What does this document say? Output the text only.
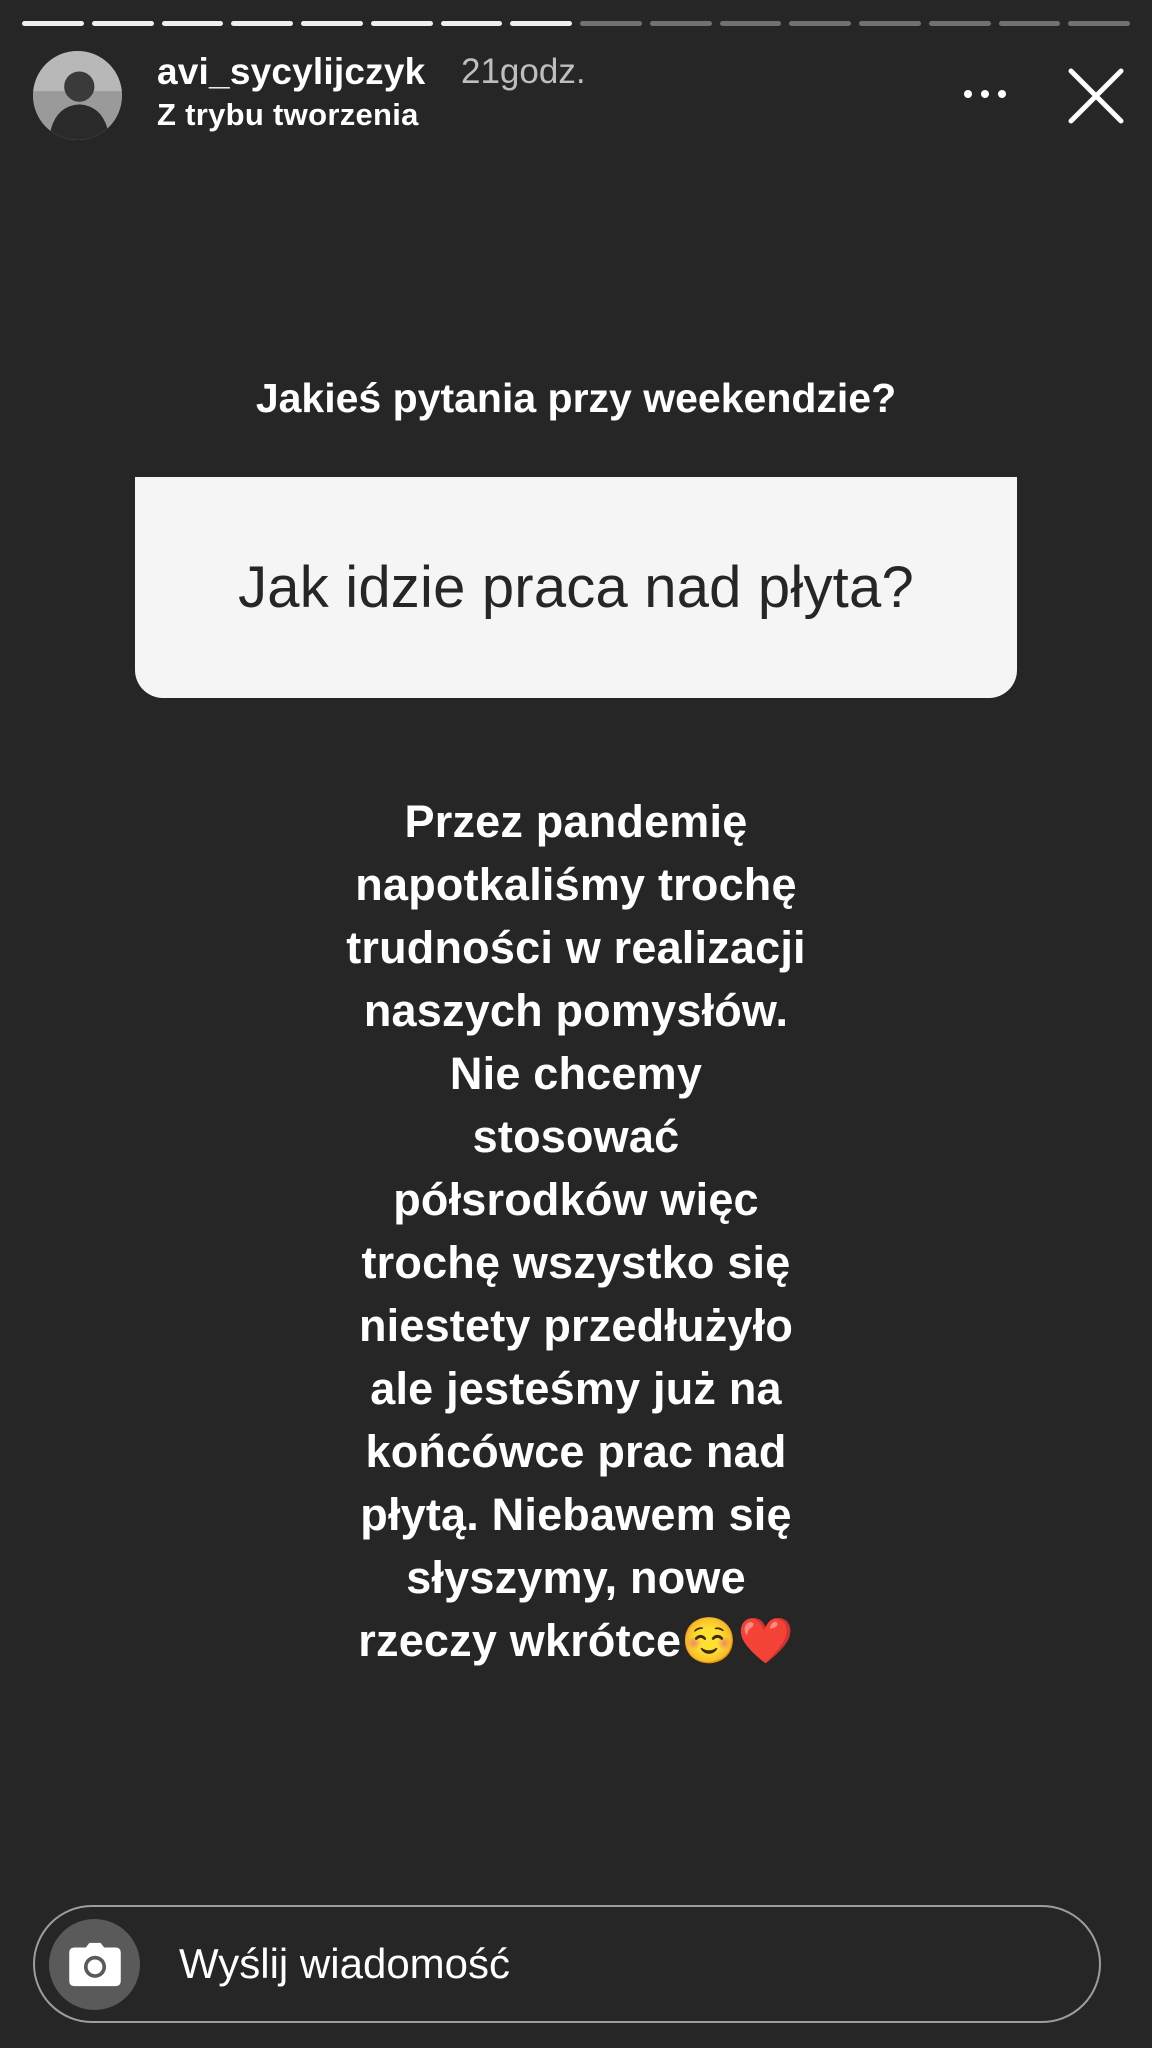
avi_sycylijczyk 21godz.
Z trybu tworzenia
Jakieś pytania przy weekendzie?
Jak idzie praca nad płyta?
Przez pandemię
napotkaliśmy trochę
trudności w realizacji
naszych pomysłów.
Nie chcemy
stosować
półsrodków więc
trochę wszystko się
niestety przedłużyło
ale jesteśmy już na
końcówce prac nad
płytą. Niebawem się
słyszymy, nowe
rzeczy wkrótce☺️❤️
Wyślij wiadomość
